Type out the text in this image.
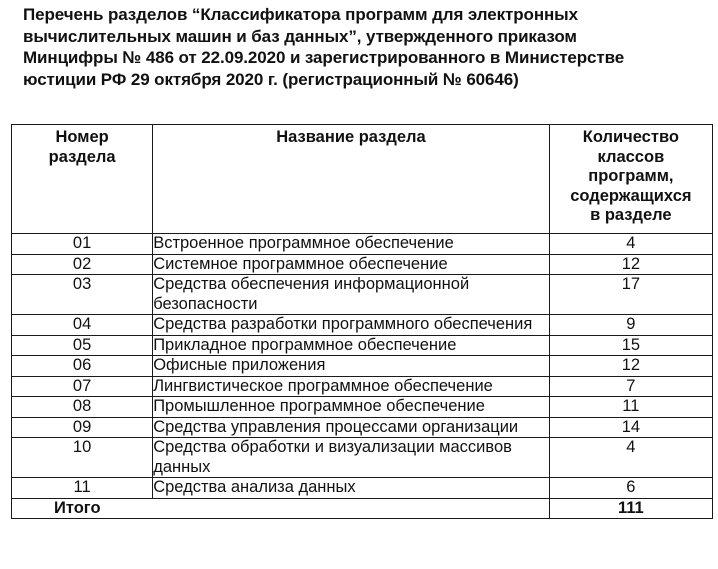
Перечень разделов “Классификатора программ для электронных
вычислительных машин и баз данных”, утвержденного приказом
Минцифры № 486 от 22.09.2020 и зарегистрированного в Министерстве
юстиции РФ 29 октября 2020 г. (регистрационный № 60646)
Номер раздела	Название раздела	Количество классов программ, содержащихся в разделе
01	Встроенное программное обеспечение	4
02	Системное программное обеспечение	12
03	Средства обеспечения информационной безопасности	17
04	Средства разработки программного обеспечения	9
05	Прикладное программное обеспечение	15
06	Офисные приложения	12
07	Лингвистическое программное обеспечение	7
08	Промышленное программное обеспечение	11
09	Средства управления процессами организации	14
10	Средства обработки и визуализации массивов данных	4
11	Средства анализа данных	6
Итого		111
